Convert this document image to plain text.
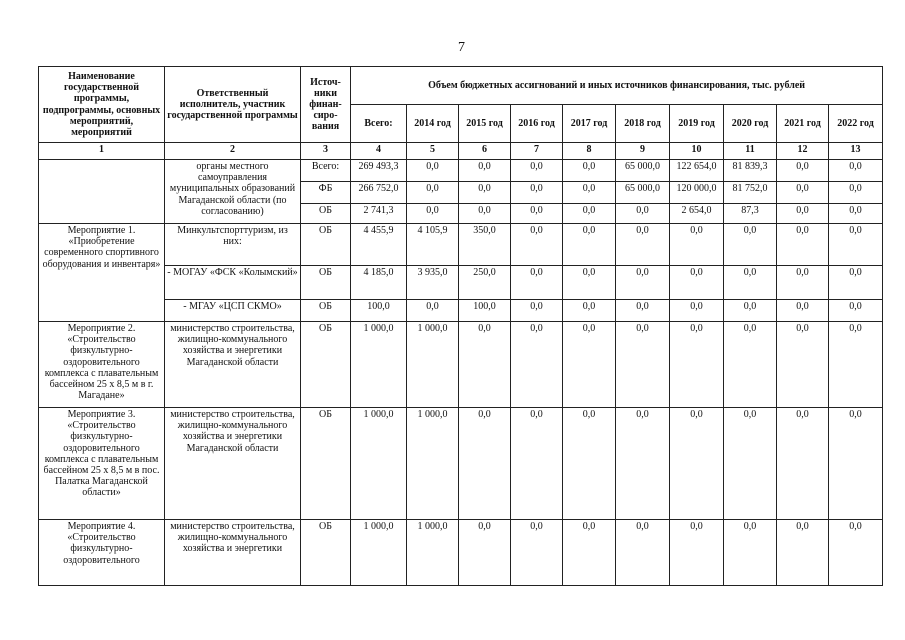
7
Наименование государственной программы, подпрограммы, основных мероприятий, мероприятий	Ответственный исполнитель, участник государственной программы	Источ-ники финан-сиро-вания	Объем бюджетных ассигнований и иных источников финансирования, тыс. рублей									
			Всего:	2014 год	2015 год	2016 год	2017 год	2018 год	2019 год	2020 год	2021 год	2022 год
1	2	3	4	5	6	7	8	9	10	11	12	13
	органы местного самоуправления муниципальных образований Магаданской области (по согласованию)	Всего:	269 493,3	0,0	0,0	0,0	0,0	65 000,0	122 654,0	81 839,3	0,0	0,0
		ФБ	266 752,0	0,0	0,0	0,0	0,0	65 000,0	120 000,0	81 752,0	0,0	0,0
		ОБ	2 741,3	0,0	0,0	0,0	0,0	0,0	2 654,0	87,3	0,0	0,0
Мероприятие 1. «Приобретение современного спортивного оборудования и инвентаря»	Минкультспорттуризм, из них:	ОБ	4 455,9	4 105,9	350,0	0,0	0,0	0,0	0,0	0,0	0,0	0,0
	- МОГАУ «ФСК «Колымский»	ОБ	4 185,0	3 935,0	250,0	0,0	0,0	0,0	0,0	0,0	0,0	0,0
	- МГАУ «ЦСП СКМО»	ОБ	100,0	0,0	100,0	0,0	0,0	0,0	0,0	0,0	0,0	0,0
Мероприятие 2. «Строительство физкультурно-оздоровительного комплекса с плавательным бассейном 25 х 8,5 м в г. Магадане»	министерство строительства, жилищно-коммунального хозяйства и энергетики Магаданской области	ОБ	1 000,0	1 000,0	0,0	0,0	0,0	0,0	0,0	0,0	0,0	0,0
Мероприятие 3. «Строительство физкультурно-оздоровительного комплекса с плавательным бассейном 25 х 8,5 м в пос. Палатка Магаданской области»	министерство строительства, жилищно-коммунального хозяйства и энергетики Магаданской области	ОБ	1 000,0	1 000,0	0,0	0,0	0,0	0,0	0,0	0,0	0,0	0,0
Мероприятие 4. «Строительство физкультурно-оздоровительного	министерство строительства, жилищно-коммунального хозяйства и энергетики	ОБ	1 000,0	1 000,0	0,0	0,0	0,0	0,0	0,0	0,0	0,0	0,0
